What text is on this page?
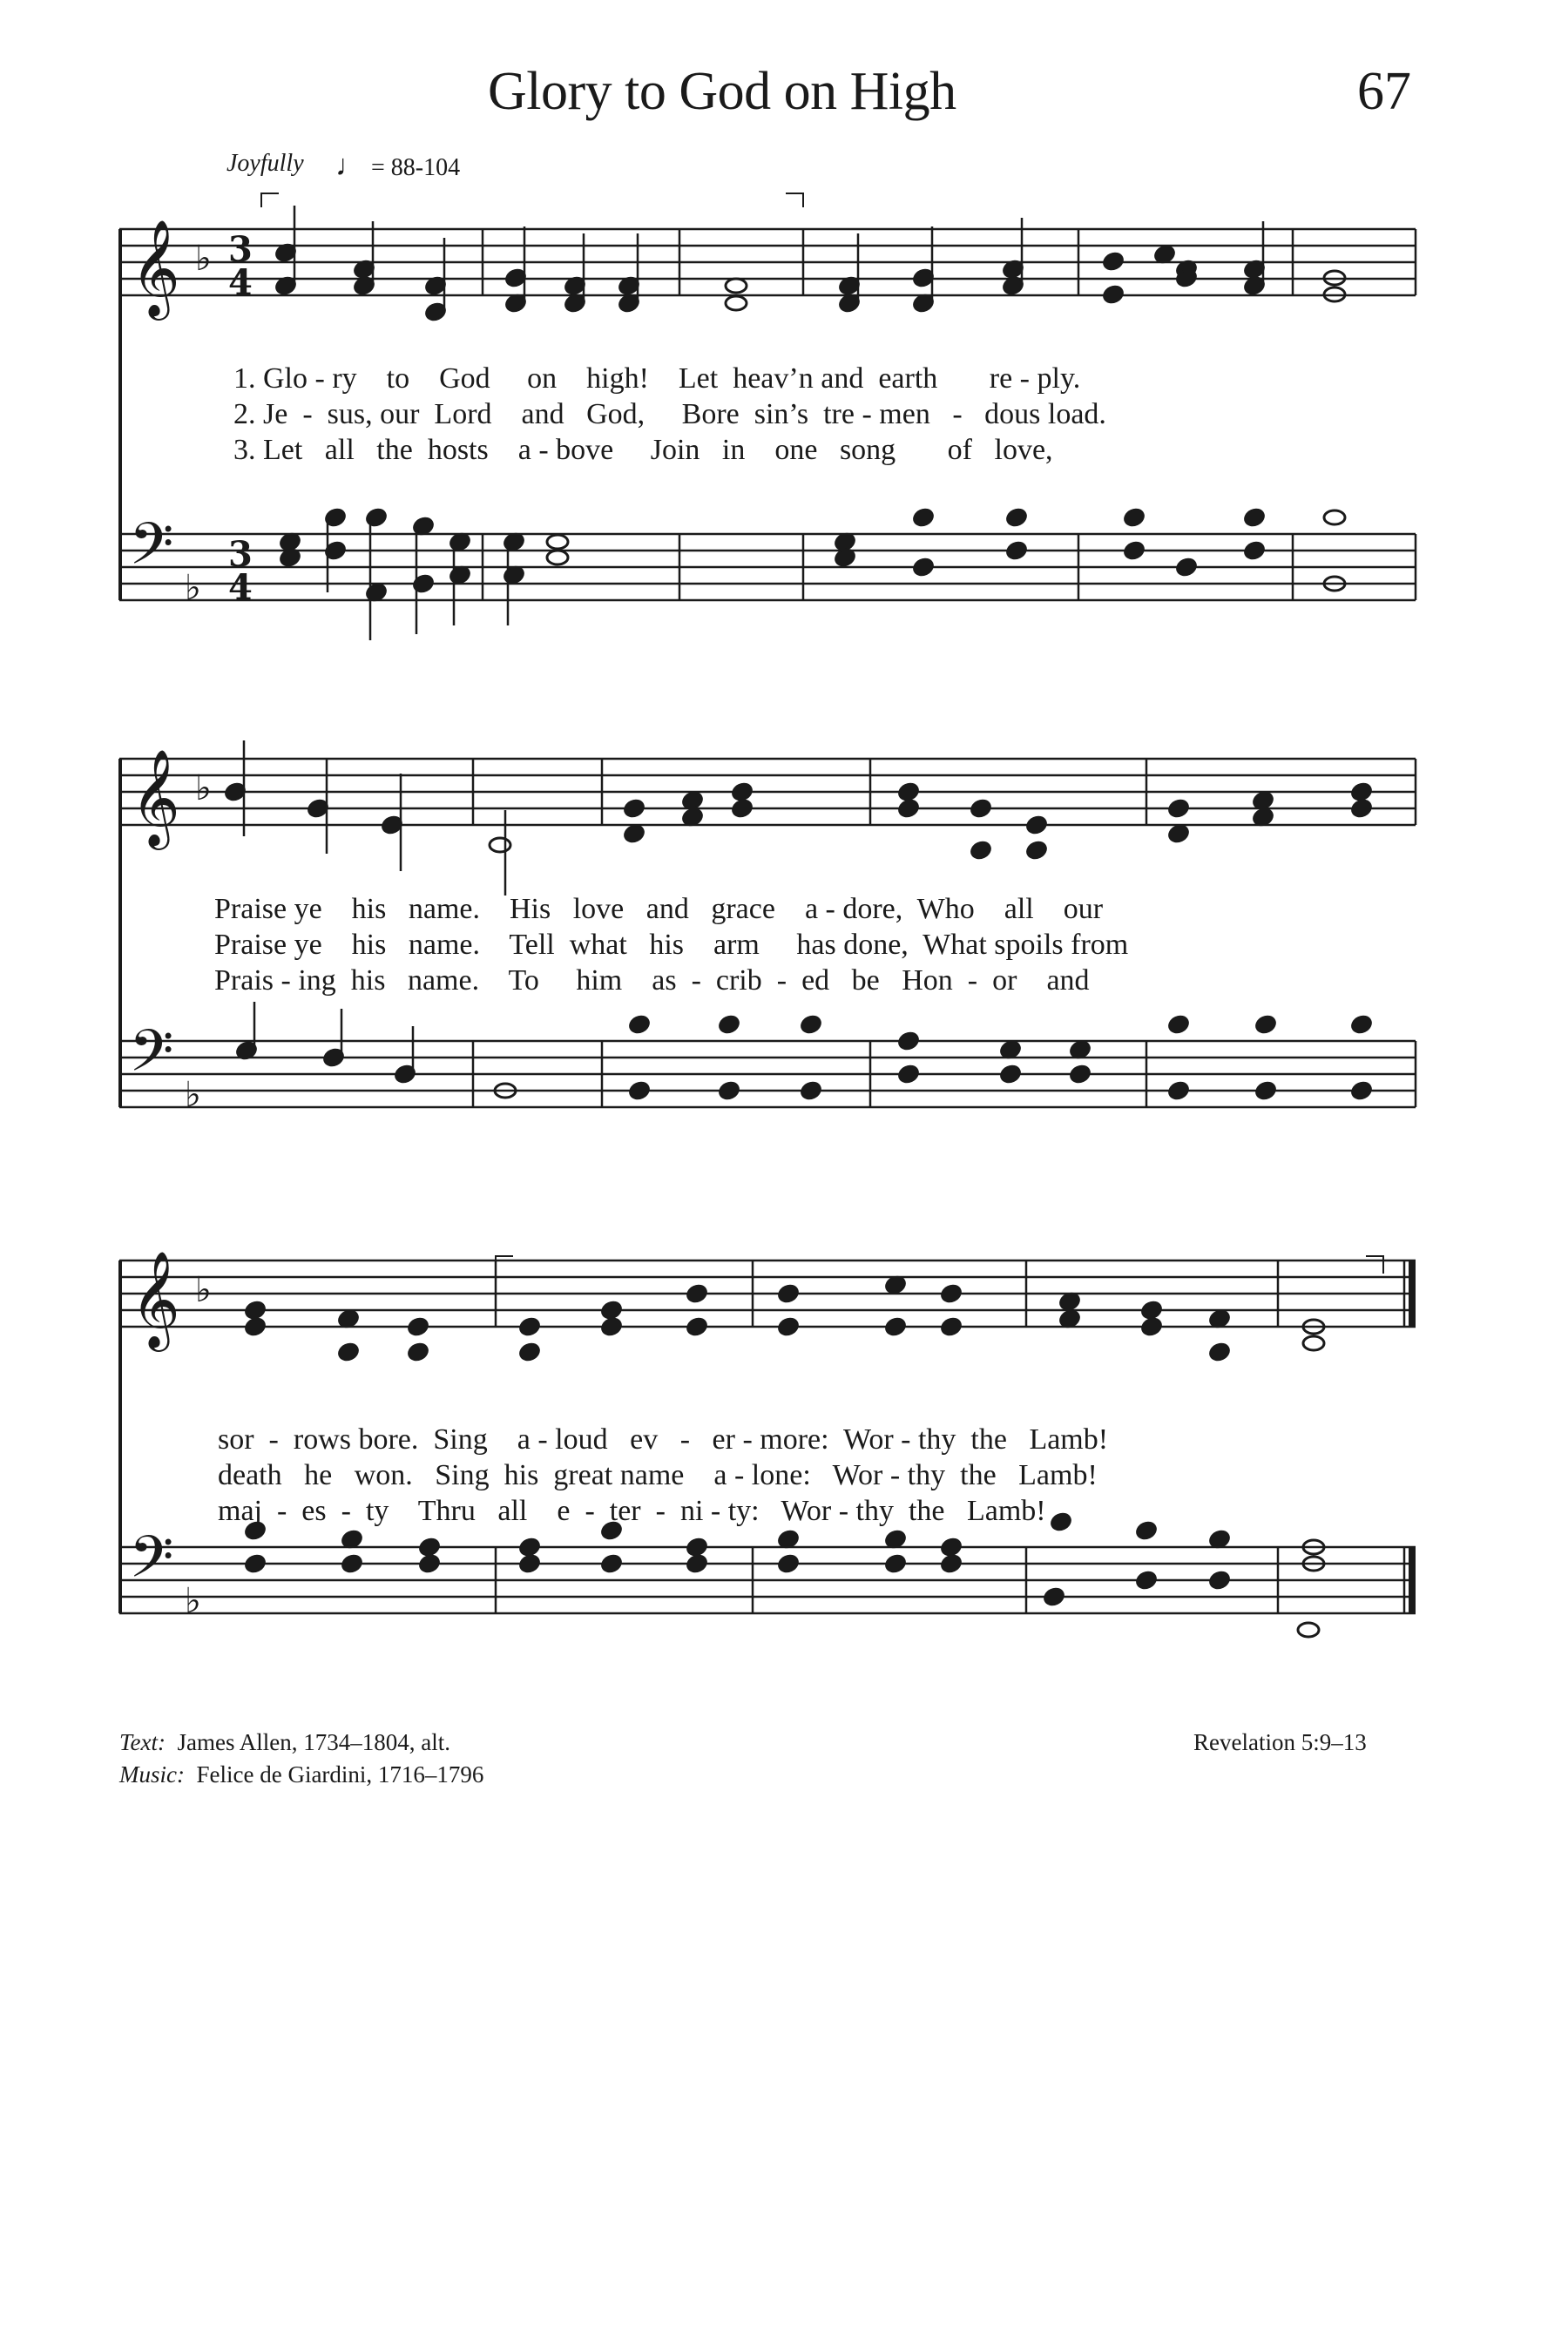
Glory to God on High	67
Joyfully ♩ = 88-104
𝄞 ♭ 3
4
𝄢 ♭
3
4
𝄞 ♭
𝄢 ♭
𝄞 ♭
𝄢 ♭
1. Glo - ry    to    God     on    high!    Let  heav’n and  earth       re - ply.
2. Je  -  sus, our  Lord    and   God,     Bore  sin’s  tre - men   -   dous load.
3. Let   all   the  hosts    a - bove     Join   in    one   song       of   love,
Praise ye    his   name.    His   love   and   grace    a - dore,  Who    all    our
Praise ye    his   name.    Tell  what   his    arm     has done,  What spoils from
Prais - ing  his   name.    To     him    as  -  crib  -  ed   be   Hon  -  or    and
sor  -  rows bore.  Sing    a - loud   ev   -   er - more:  Wor - thy  the   Lamb!
death   he   won.   Sing  his  great name    a - lone:   Wor - thy  the   Lamb!
maj  -  es  -  ty    Thru   all    e  -  ter  -  ni - ty:   Wor - thy  the   Lamb!
Text: James Allen, 1734–1804, alt.
Music: Felice de Giardini, 1716–1796
Revelation 5:9–13
